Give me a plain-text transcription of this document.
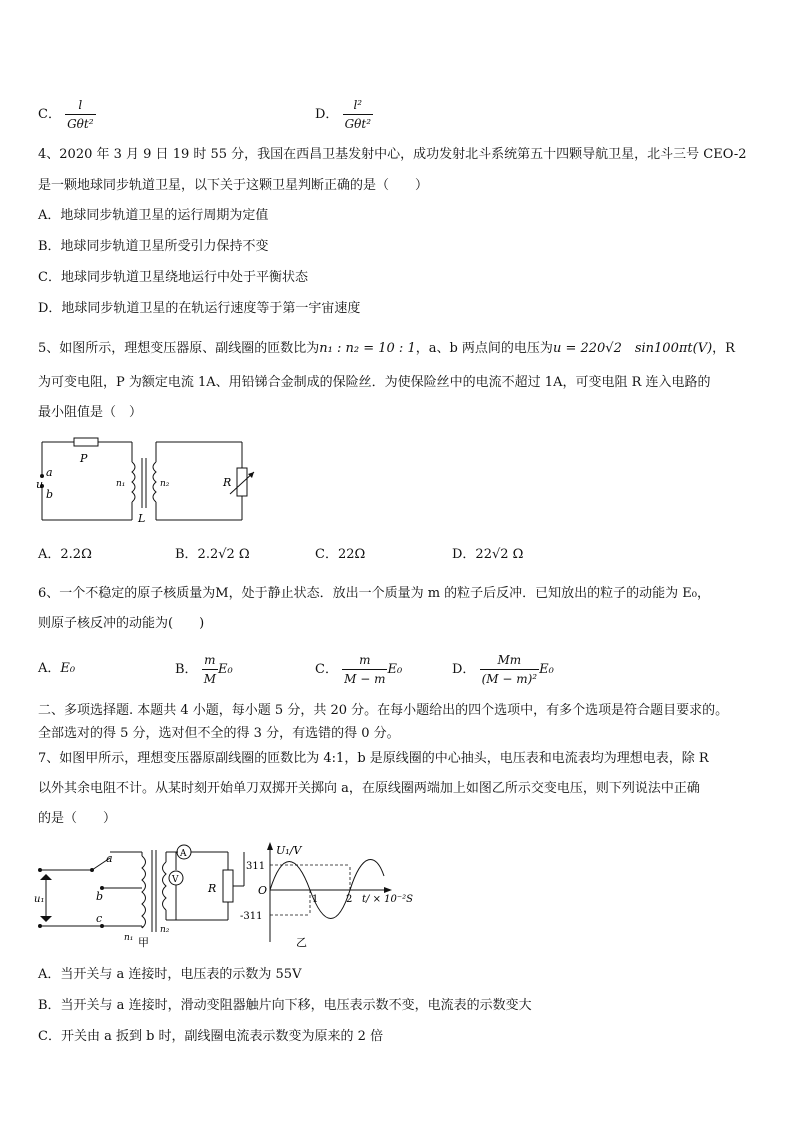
C． $\frac{l}{\text{Gθt²}}$	D． $\frac{\text{l²}}{\text{Gθt²}}$
4、2020 年 3 月 9 日 19 时 55 分，我国在西昌卫基发射中心，成功发射北斗系统第五十四颗导航卫星，北斗三号 CEO-2
是一颗地球同步轨道卫星，以下关于这颗卫星判断正确的是（　　）
A．地球同步轨道卫星的运行周期为定值
B．地球同步轨道卫星所受引力保持不变
C．地球同步轨道卫星绕地运行中处于平衡状态
D．地球同步轨道卫星的在轨运行速度等于第一宇宙速度
5、如图所示，理想变压器原、副线圈的匝数比为n₁ : n₂ = 10 : 1，a、b 两点间的电压为u = 220√2　sin100πt(V)，R
为可变电阻，P 为额定电流 1A、用铅锑合金制成的保险丝．为使保险丝中的电流不超过 1A，可变电阻 R 连入电路的
最小阻值是（　）
P
a
u
b
n₁	n₂	R
L
A．2.2Ω	B．2.2√2 Ω	C．22Ω	D．22√2 Ω
6、一个不稳定的原子核质量为M，处于静止状态．放出一个质量为 m 的粒子后反冲．已知放出的粒子的动能为 E₀，
则原子核反冲的动能为(　　)
A．E₀	B． $\frac{m}{M} E_0$	C． $\frac{m}{M - m} E_0$	D． $\frac{Mm}{\text{(M − m)²}} E_0$
二、多项选择题. 本题共 4 小题，每小题 5 分，共 20 分。在每小题给出的四个选项中，有多个选项是符合题目要求的。
全部选对的得 5 分，选对但不全的得 3 分，有选错的得 0 分。
7、如图甲所示，理想变压器原副线圈的匝数比为 4:1，b 是原线圈的中心抽头，电压表和电流表均为理想电表，除 R
以外其余电阻不计。从某时刻开始单刀双掷开关掷向 a，在原线圈两端加上如图乙所示交变电压，则下列说法中正确
的是（　　）
a
b
c
u₁
n₁
n₂
A
V
R
甲
U₁/V
311
-311
O
1	2 t/ × 10⁻²S
乙
A．当开关与 a 连接时，电压表的示数为 55V
B．当开关与 a 连接时，滑动变阻器触片向下移，电压表示数不变，电流表的示数变大
C．开关由 a 扳到 b 时，副线圈电流表示数变为原来的 2 倍
